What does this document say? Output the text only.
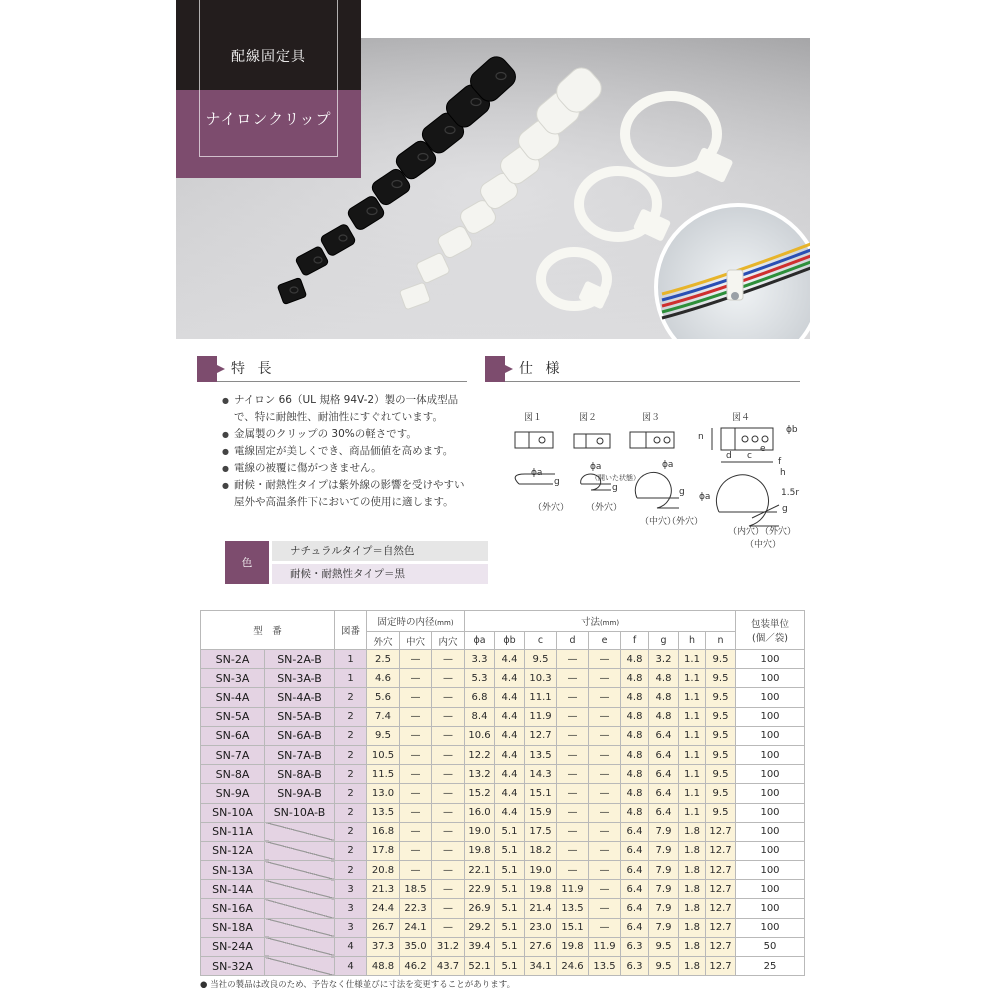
配線固定具
ナイロンクリップ
特 長
● ナイロン 66（UL 規格 94V-2）製の一体成型品で、特に耐蝕性、耐油性にすぐれています。
● 金属製のクリップの 30%の軽さです。
● 電線固定が美しくでき、商品価値を高めます。
● 電線の被覆に傷がつきません。
● 耐候・耐熱性タイプは紫外線の影響を受けやすい屋外や高温条件下においての使用に適します。
色
ナチュラルタイプ＝自然色
耐候・耐熱性タイプ＝黒
仕 様
図１	図２	図３	図４
ϕa
g
（外穴）
ϕa
（開いた状態）
g
（外穴）
ϕa
g
（中穴）
（外穴）
ϕb
n
d c
e
f
h
ϕa	1.5r
g
（内穴）
（外穴）
（中穴）
型　番		図番	固定時の内径(mm)			寸法(mm)									包装単位
(個／袋)

			外穴	中穴	内穴	ϕa	ϕb	c	d	e	f	g	h	n	
SN-2A	SN-2A-B	1	2.5	—	—	3.3	4.4	9.5	—	—	4.8	3.2	1.1	9.5	100
SN-3A	SN-3A-B	1	4.6	—	—	5.3	4.4	10.3	—	—	4.8	4.8	1.1	9.5	100
SN-4A	SN-4A-B	2	5.6	—	—	6.8	4.4	11.1	—	—	4.8	4.8	1.1	9.5	100
SN-5A	SN-5A-B	2	7.4	—	—	8.4	4.4	11.9	—	—	4.8	4.8	1.1	9.5	100
SN-6A	SN-6A-B	2	9.5	—	—	10.6	4.4	12.7	—	—	4.8	6.4	1.1	9.5	100
SN-7A	SN-7A-B	2	10.5	—	—	12.2	4.4	13.5	—	—	4.8	6.4	1.1	9.5	100
SN-8A	SN-8A-B	2	11.5	—	—	13.2	4.4	14.3	—	—	4.8	6.4	1.1	9.5	100
SN-9A	SN-9A-B	2	13.0	—	—	15.2	4.4	15.1	—	—	4.8	6.4	1.1	9.5	100
SN-10A	SN-10A-B	2	13.5	—	—	16.0	4.4	15.9	—	—	4.8	6.4	1.1	9.5	100
SN-11A		2	16.8	—	—	19.0	5.1	17.5	—	—	6.4	7.9	1.8	12.7	100
SN-12A		2	17.8	—	—	19.8	5.1	18.2	—	—	6.4	7.9	1.8	12.7	100
SN-13A		2	20.8	—	—	22.1	5.1	19.0	—	—	6.4	7.9	1.8	12.7	100
SN-14A		3	21.3	18.5	—	22.9	5.1	19.8	11.9	—	6.4	7.9	1.8	12.7	100
SN-16A		3	24.4	22.3	—	26.9	5.1	21.4	13.5	—	6.4	7.9	1.8	12.7	100
SN-18A		3	26.7	24.1	—	29.2	5.1	23.0	15.1	—	6.4	7.9	1.8	12.7	100
SN-24A		4	37.3	35.0	31.2	39.4	5.1	27.6	19.8	11.9	6.3	9.5	1.8	12.7	50
SN-32A		4	48.8	46.2	43.7	52.1	5.1	34.1	24.6	13.5	6.3	9.5	1.8	12.7	25
● 当社の製品は改良のため、予告なく仕様並びに寸法を変更することがあります。
